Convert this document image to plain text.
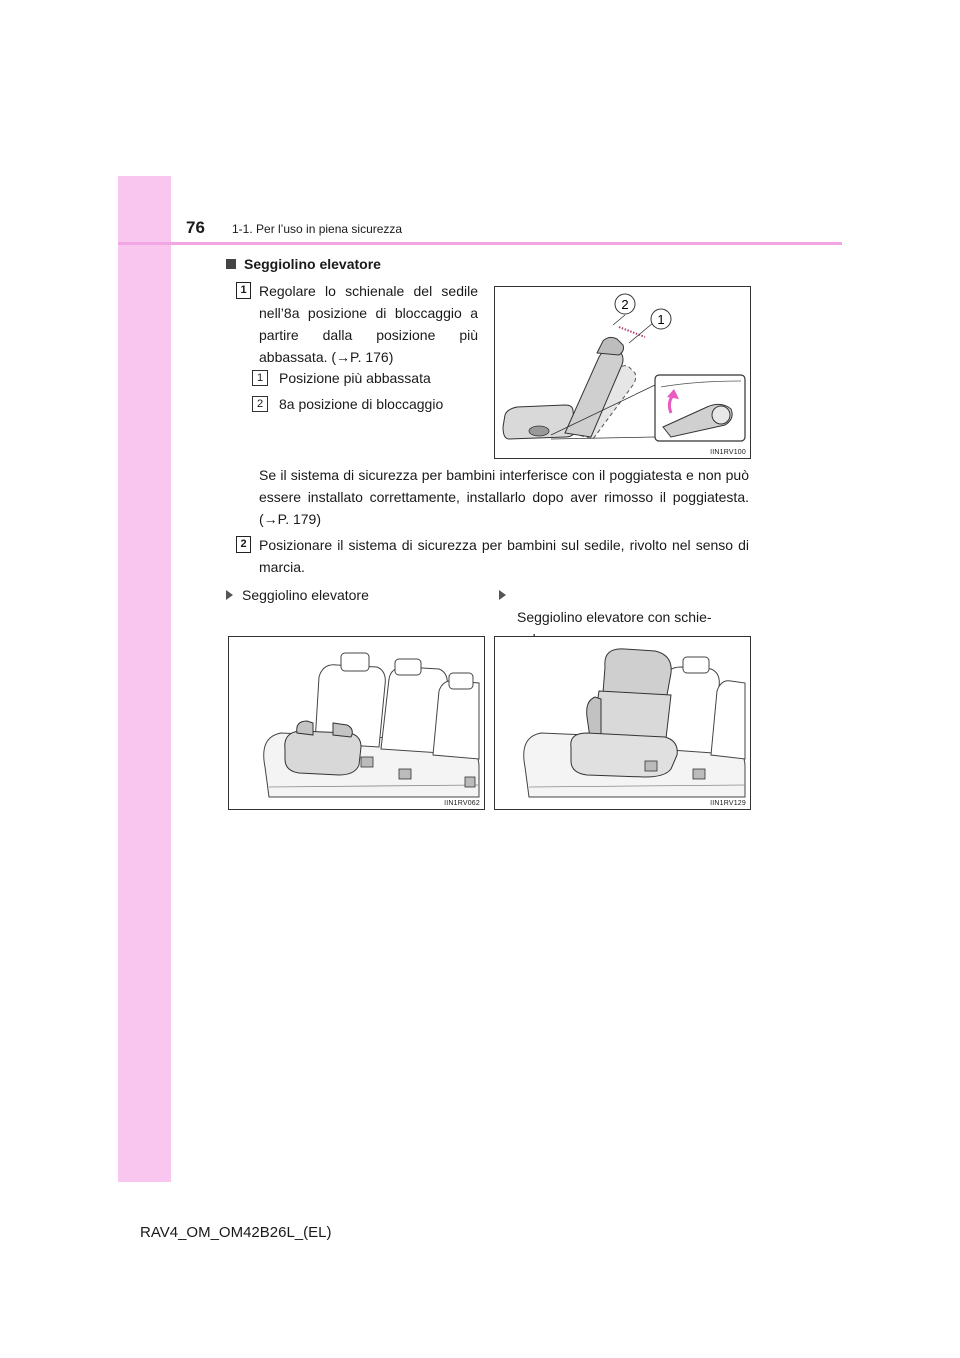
76 1-1. Per l’uso in piena sicurezza
Seggiolino elevatore
1 Regolare lo schienale del sedile nell’8a posizione di bloccaggio a partire dalla posizione più abbassata. (→P. 176)
1	Posizione più abbassata
2	8a posizione di bloccaggio
2
1
IIN1RV100
Se il sistema di sicurezza per bambini interferisce con il poggiatesta e non può essere installato correttamente, installarlo dopo aver rimosso il poggiatesta. (→P. 179)
2 Posizionare il sistema di sicurezza per bambini sul sedile, rivolto nel senso di marcia.
Seggiolino elevatore

Seggiolino elevatore con schie-

IIN1RV062	IIN1RV129
RAV4_OM_OM42B26L_(EL)
